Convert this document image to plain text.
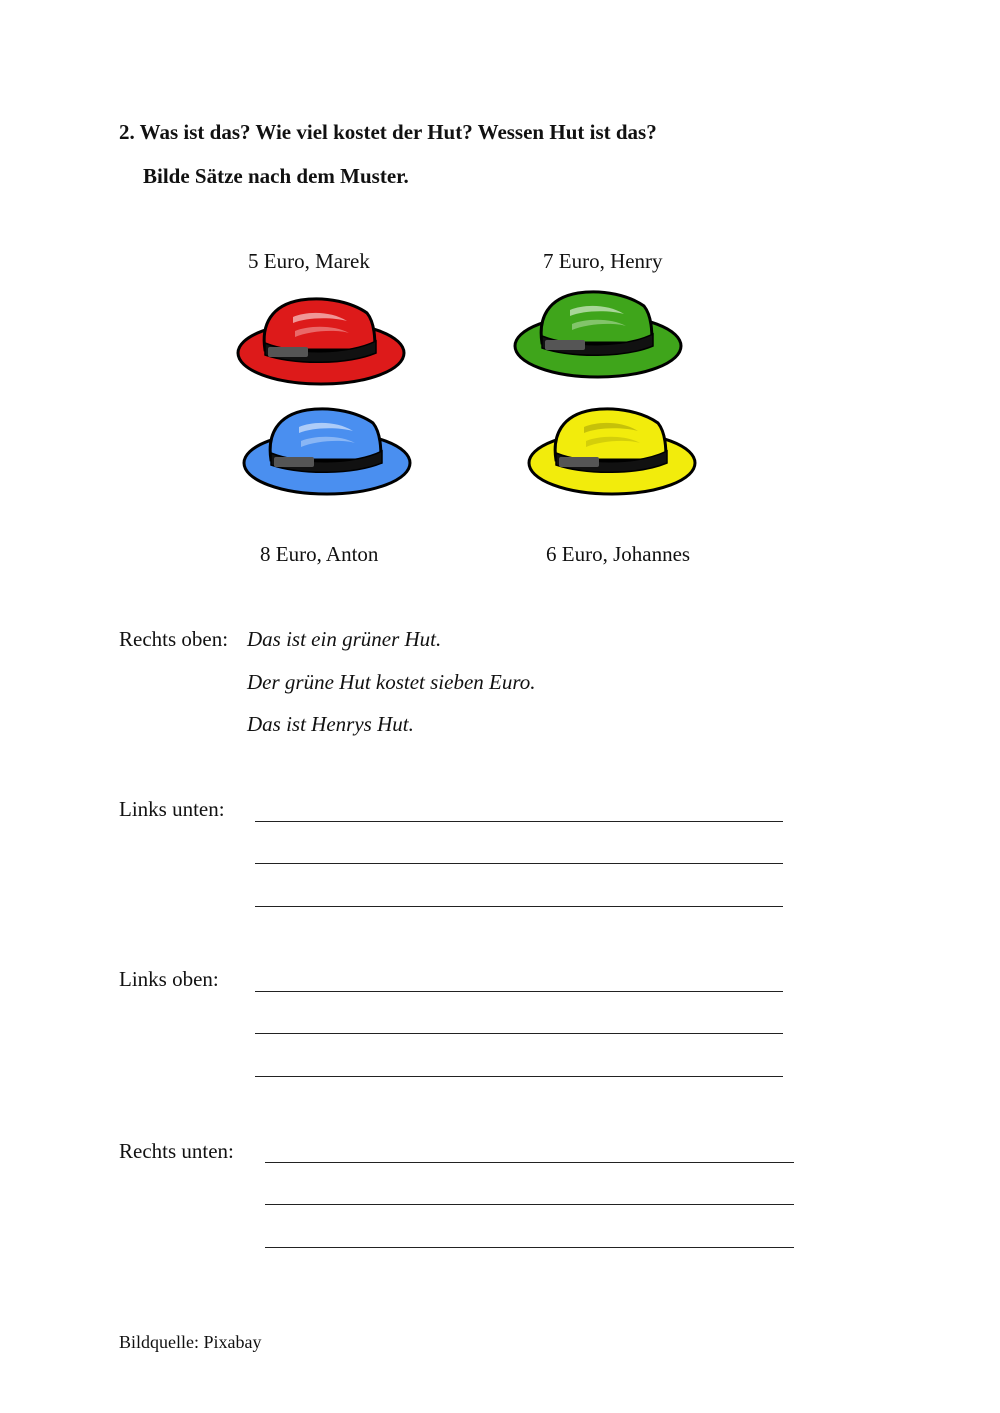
2. Was ist das? Wie viel kostet der Hut? Wessen Hut ist das?
Bilde Sätze nach dem Muster.
5 Euro, Marek	7 Euro, Henry
8 Euro, Anton	6 Euro, Johannes
Rechts oben: Das ist ein grüner Hut.
Der grüne Hut kostet sieben Euro.
Das ist Henrys Hut.
Links unten:
Links oben:
Rechts unten:
Bildquelle: Pixabay
